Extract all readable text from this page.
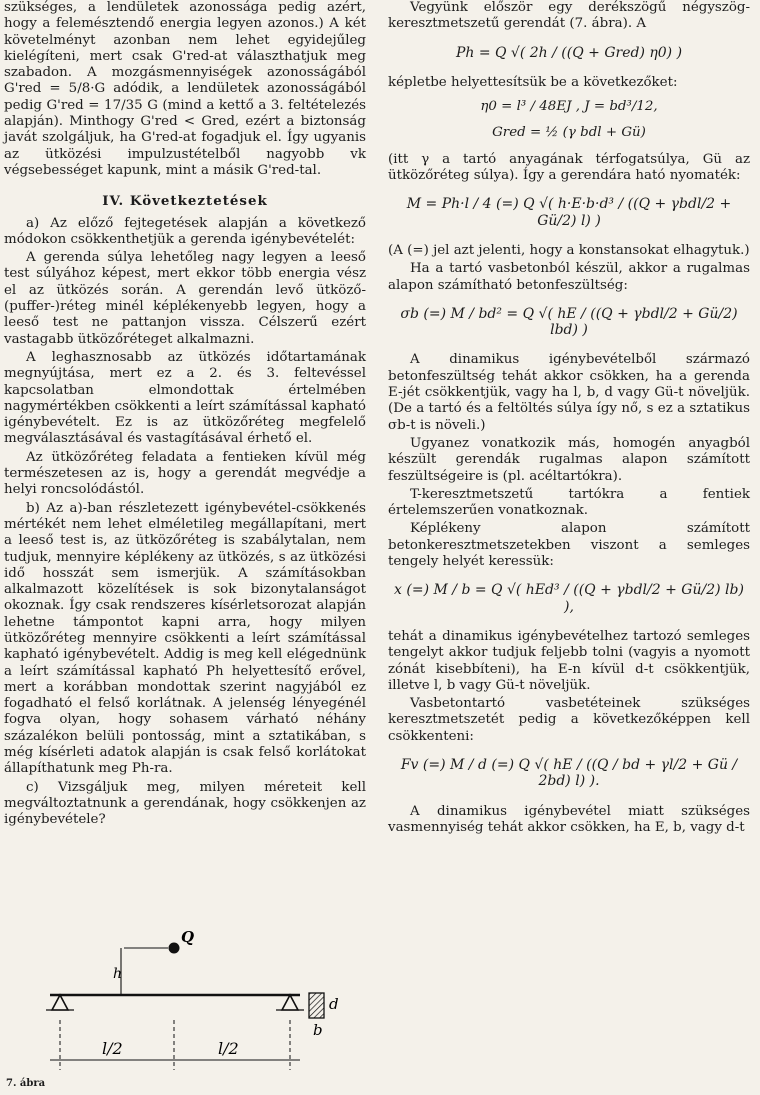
szükséges, a lendületek azonossága pedig azért, hogy a felemésztendő energia legyen azonos.) A két követelményt azonban nem lehet egyidejűleg kielégíteni, mert csak G'red-at választhatjuk meg szabadon. A mozgásmennyiségek azonosságából G'red = 5/8·G adódik, a lendületek azonosságából pedig G'red = 17/35 G (mind a kettő a 3. feltételezés alapján). Minthogy G'red < Gred, ezért a biztonság javát szolgáljuk, ha G'red-at fogadjuk el. Így ugyanis az ütközési impulzustételből nagyobb vk végsebességet kapunk, mint a másik G'red-tal.

IV. Következtetések

a) Az előző fejtegetések alapján a következő módokon csökkenthetjük a gerenda igénybevételét:

A gerenda súlya lehetőleg nagy legyen a leeső test súlyához képest, mert ekkor több energia vész el az ütközés során. A gerendán levő ütköző-(puffer-)réteg minél képlékenyebb legyen, hogy a leeső test ne pattanjon vissza. Célszerű ezért vastagabb ütközőréteget alkalmazni.

A leghasznosabb az ütközés időtartamának megnyújtása, mert ez a 2. és 3. feltevéssel kapcsolatban elmondottak értelmében nagymértékben csökkenti a leírt számítással kapható igénybevételt. Ez is az ütközőréteg megfelelő megválasztásával és vastagításával érhető el.

Az ütközőréteg feladata a fentieken kívül még természetesen az is, hogy a gerendát megvédje a helyi roncsolódástól.

b) Az a)-ban részletezett igénybevétel-csökkenés mértékét nem lehet elméletileg megállapítani, mert a leeső test is, az ütközőréteg is szabálytalan, nem tudjuk, mennyire képlékeny az ütközés, s az ütközési idő hosszát sem ismerjük. A számításokban alkalmazott közelítések is sok bizonytalanságot okoznak. Így csak rendszeres kísérletsorozat alapján lehetne támpontot kapni arra, hogy milyen ütközőréteg mennyire csökkenti a leírt számítással kapható igénybevételt. Addig is meg kell elégednünk a leírt számítással kapható Ph helyettesítő erővel, mert a korábban mondottak szerint nagyjából ez fogadható el felső korlátnak. A jelenség lényegénél fogva olyan, hogy sohasem várható néhány százalékon belüli pontosság, mint a sztatikában, s még kísérleti adatok alapján is csak felső korlátokat állapíthatunk meg Ph-ra.

c) Vizsgáljuk meg, milyen méreteit kell megváltoztatnunk a gerendának, hogy csökkenjen az igénybevétele?

Q
h
l/2	l/2
d
b
7. ábra

Vegyünk először egy derékszögű négyszög-keresztmetszetű gerendát (7. ábra). A

Ph = Q √( 2h / ((Q + Gred) η0) )

képletbe helyettesítsük be a következőket:

η0 = l³ / 48EJ , J = bd³/12,
Gred = ½ (γ bdl + Gü)

(itt γ a tartó anyagának térfogatsúlya, Gü az ütközőréteg súlya). Így a gerendára ható nyomaték:

M = Ph·l / 4 (=) Q √( h·E·b·d³ / ((Q + γbdl/2 + Gü/2) l) )

(A (=) jel azt jelenti, hogy a konstansokat elhagytuk.)

Ha a tartó vasbetonból készül, akkor a rugalmas alapon számítható betonfeszültség:

σb (=) M / bd² = Q √( hE / ((Q + γbdl/2 + Gü/2) lbd) )

A dinamikus igénybevételből származó betonfeszültség tehát akkor csökken, ha a gerenda E-jét csökkentjük, vagy ha l, b, d vagy Gü-t növeljük. (De a tartó és a feltöltés súlya így nő, s ez a sztatikus σb-t is növeli.)

Ugyanez vonatkozik más, homogén anyagból készült gerendák rugalmas alapon számított feszültségeire is (pl. acéltartókra).

T-keresztmetszetű tartókra a fentiek értelemszerűen vonatkoznak.

Képlékeny alapon számított betonkeresztmetszetekben viszont a semleges tengely helyét keressük:

x (=) M / b = Q √( hEd³ / ((Q + γbdl/2 + Gü/2) lb) ),

tehát a dinamikus igénybevételhez tartozó semleges tengelyt akkor tudjuk feljebb tolni (vagyis a nyomott zónát kisebbíteni), ha E-n kívül d-t csökkentjük, illetve l, b vagy Gü-t növeljük.

Vasbetontartó vasbetéteinek szükséges keresztmetszetét pedig a következőképpen kell csökkenteni:

Fv (=) M / d (=) Q √( hE / ((Q / bd + γl/2 + Gü / 2bd) l) ).

A dinamikus igénybevétel miatt szükséges vasmennyiség tehát akkor csökken, ha E, b, vagy d-t
